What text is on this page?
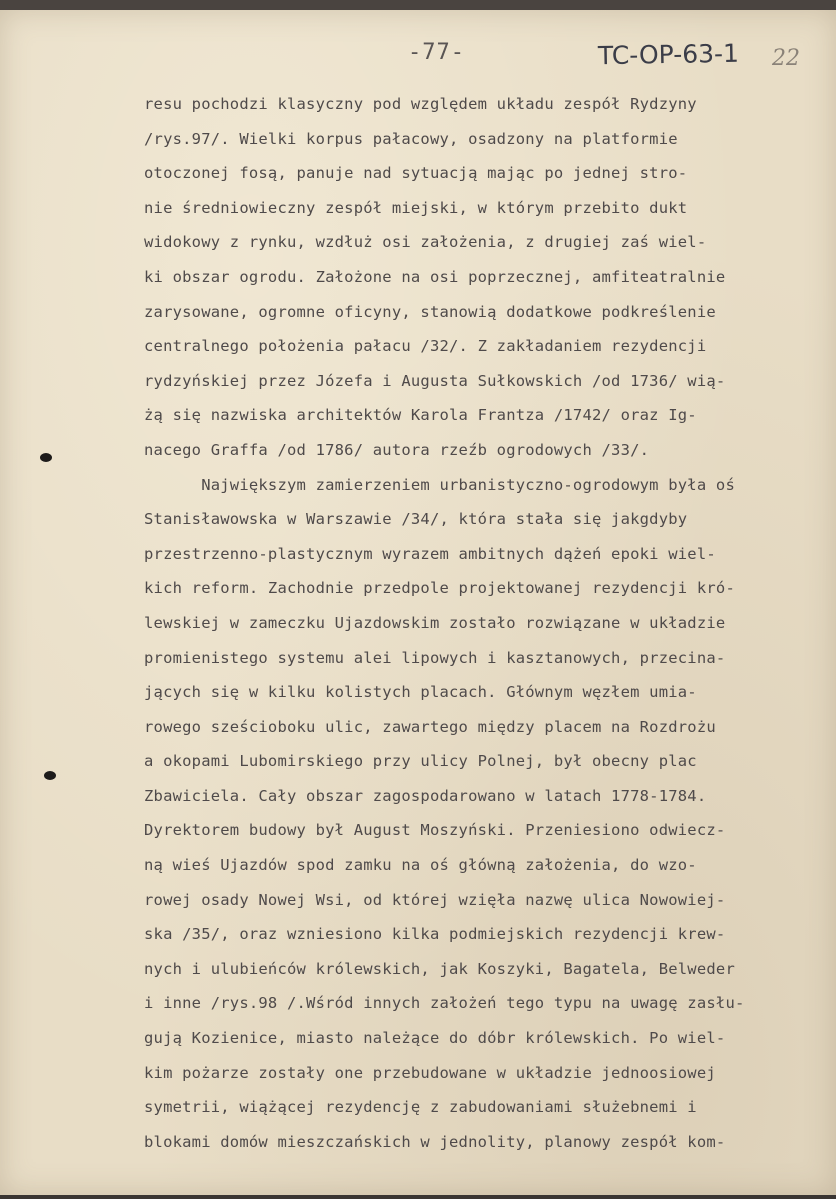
-77-	TC-OP-63-1 22
resu pochodzi klasyczny pod względem układu zespół Rydzyny
/rys.97/. Wielki korpus pałacowy, osadzony na platformie
otoczonej fosą, panuje nad sytuacją mając po jednej stro-
nie średniowieczny zespół miejski, w którym przebito dukt
widokowy z rynku, wzdłuż osi założenia, z drugiej zaś wiel-
ki obszar ogrodu. Założone na osi poprzecznej, amfiteatralnie
zarysowane, ogromne oficyny, stanowią dodatkowe podkreślenie
centralnego położenia pałacu /32/. Z zakładaniem rezydencji
rydzyńskiej przez Józefa i Augusta Sułkowskich /od 1736/ wią-
żą się nazwiska architektów Karola Frantza /1742/ oraz Ig-
nacego Graffa /od 1786/ autora rzeźb ogrodowych /33/.
Największym zamierzeniem urbanistyczno-ogrodowym była oś
Stanisławowska w Warszawie /34/, która stała się jakgdyby
przestrzenno-plastycznym wyrazem ambitnych dążeń epoki wiel-
kich reform. Zachodnie przedpole projektowanej rezydencji kró-
lewskiej w zameczku Ujazdowskim zostało rozwiązane w układzie
promienistego systemu alei lipowych i kasztanowych, przecina-
jących się w kilku kolistych placach. Głównym węzłem umia-
rowego sześcioboku ulic, zawartego między placem na Rozdrożu
a okopami Lubomirskiego przy ulicy Polnej, był obecny plac
Zbawiciela. Cały obszar zagospodarowano w latach 1778-1784.
Dyrektorem budowy był August Moszyński. Przeniesiono odwiecz-
ną wieś Ujazdów spod zamku na oś główną założenia, do wzo-
rowej osady Nowej Wsi, od której wzięła nazwę ulica Nowowiej-
ska /35/, oraz wzniesiono kilka podmiejskich rezydencji krew-
nych i ulubieńców królewskich, jak Koszyki, Bagatela, Belweder
i inne /rys.98 /.Wśród innych założeń tego typu na uwagę zasłu-
gują Kozienice, miasto należące do dóbr królewskich. Po wiel-
kim pożarze zostały one przebudowane w układzie jednoosiowej
symetrii, wiążącej rezydencję z zabudowaniami służebnemi i
blokami domów mieszczańskich w jednolity, planowy zespół kom-
